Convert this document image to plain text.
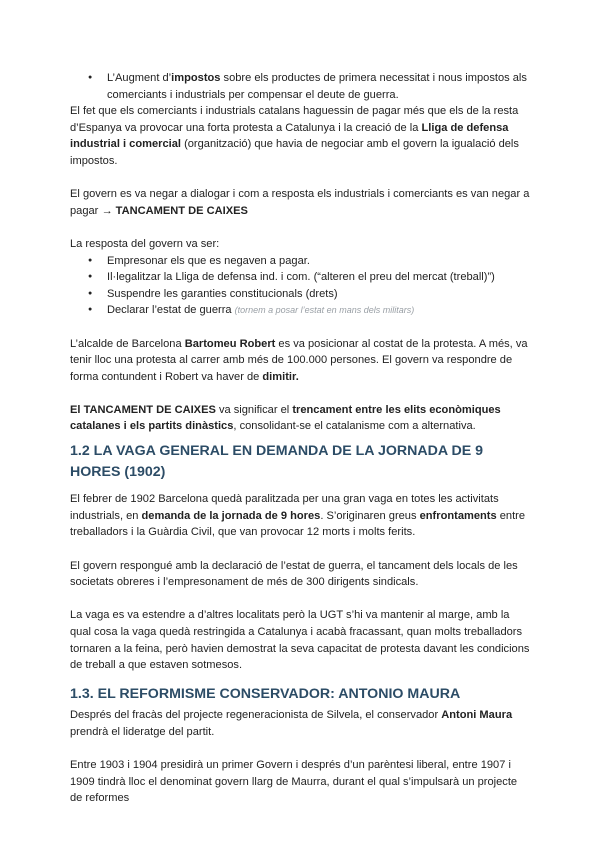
● L’Augment d’impostos sobre els productes de primera necessitat i nous impostos als comerciants i industrials per compensar el deute de guerra.

El fet que els comerciants i industrials catalans haguessin de pagar més que els de la resta d’Espanya va provocar una forta protesta a Catalunya i la creació de la Lliga de defensa industrial i comercial (organització) que havia de negociar amb el govern la igualació dels impostos.

El govern es va negar a dialogar i com a resposta els industrials i comerciants es van negar a pagar → TANCAMENT DE CAIXES

La resposta del govern va ser:

● Empresonar els que es negaven a pagar.
● Il·legalitzar la Lliga de defensa ind. i com. (“alteren el preu del mercat (treball)”)
● Suspendre les garanties constitucionals (drets)
● Declarar l’estat de guerra (tornem a posar l’estat en mans dels militars)

L’alcalde de Barcelona Bartomeu Robert es va posicionar al costat de la protesta. A més, va tenir lloc una protesta al carrer amb més de 100.000 persones. El govern va respondre de forma contundent i Robert va haver de dimitir.

El TANCAMENT DE CAIXES va significar el trencament entre les elits econòmiques catalanes i els partits dinàstics, consolidant-se el catalanisme com a alternativa.

1.2 LA VAGA GENERAL EN DEMANDA DE LA JORNADA DE 9 HORES (1902)

El febrer de 1902 Barcelona quedà paralitzada per una gran vaga en totes les activitats industrials, en demanda de la jornada de 9 hores. S’originaren greus enfrontaments entre treballadors i la Guàrdia Civil, que van provocar 12 morts i molts ferits.

El govern respongué amb la declaració de l’estat de guerra, el tancament dels locals de les societats obreres i l’empresonament de més de 300 dirigents sindicals.

La vaga es va estendre a d’altres localitats però la UGT s’hi va mantenir al marge, amb la qual cosa la vaga quedà restringida a Catalunya i acabà fracassant, quan molts treballadors tornaren a la feina, però havien demostrat la seva capacitat de protesta davant les condicions de treball a que estaven sotmesos.

1.3. EL REFORMISME CONSERVADOR: ANTONIO MAURA

Després del fracàs del projecte regeneracionista de Silvela, el conservador Antoni Maura prendrà el lideratge del partit.

Entre 1903 i 1904 presidirà un primer Govern i després d’un parèntesi liberal, entre 1907 i 1909 tindrà lloc el denominat govern llarg de Maurra, durant el qual s’impulsarà un projecte de reformes
